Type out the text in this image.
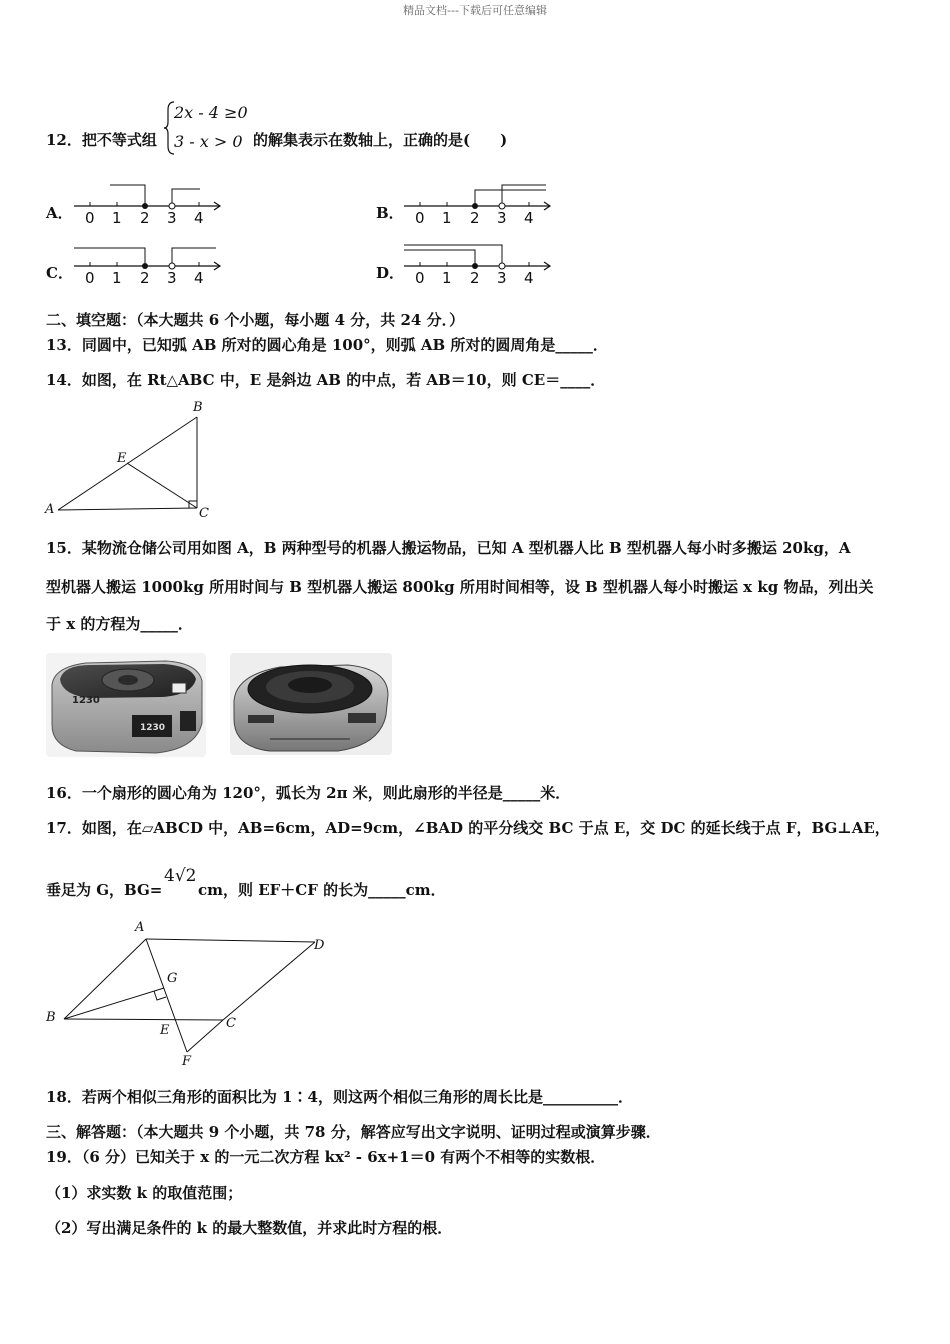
精品文档---下载后可任意编辑
12．把不等式组
2x - 4 ≥0
3 - x > 0 的解集表示在数轴上，正确的是(　　)
A．	B．
C．	D．
0 1 2 3 4	0 1 2 3 4
0 1 2 3 4	0 1 2 3 4
二、填空题：（本大题共 6 个小题，每小题 4 分，共 24 分．）
13．同圆中，已知弧 AB 所对的圆心角是 100°，则弧 AB 所对的圆周角是_____．
14．如图，在 Rt△ABC 中，E 是斜边 AB 的中点，若 AB＝10，则 CE＝____．
B
E
A	C
15．某物流仓储公司用如图 A，B 两种型号的机器人搬运物品，已知 A 型机器人比 B 型机器人每小时多搬运 20kg，A
型机器人搬运 1000kg 所用时间与 B 型机器人搬运 800kg 所用时间相等，设 B 型机器人每小时搬运 x kg 物品，列出关
于 x 的方程为_____．
1230
1230
16．一个扇形的圆心角为 120°，弧长为 2π 米，则此扇形的半径是_____米．
17．如图，在▱ABCD 中，AB=6cm，AD=9cm，∠BAD 的平分线交 BC 于点 E，交 DC 的延长线于点 F，BG⊥AE，
垂足为 G，BG=
4√2
cm，则 EF＋CF 的长为_____cm．
A
D
G
B	C
E
F
18．若两个相似三角形的面积比为 1∶4，则这两个相似三角形的周长比是__________．
三、解答题：（本大题共 9 个小题，共 78 分，解答应写出文字说明、证明过程或演算步骤．
19．（6 分）已知关于 x 的一元二次方程 kx² - 6x+1＝0 有两个不相等的实数根．
（1）求实数 k 的取值范围；
（2）写出满足条件的 k 的最大整数值，并求此时方程的根．
